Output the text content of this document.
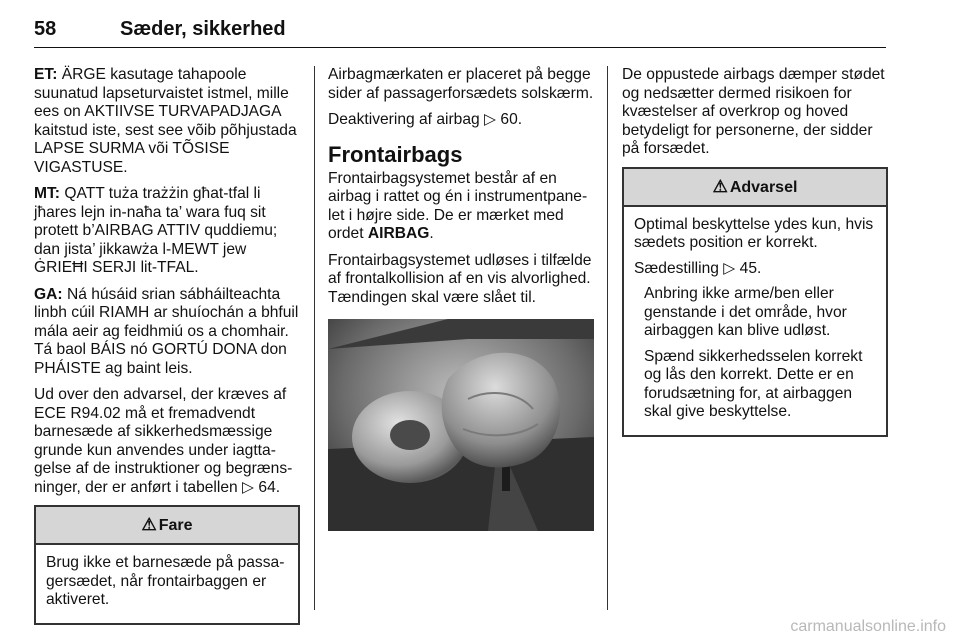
58	Sæder, sikkerhed

ET: ÄRGE kasutage tahapoole suunatud lapseturvaistet istmel, mille ees on AKTIIVSE TURVAPADJAGA kaitstud iste, sest see võib põhjustada LAPSE SURMA või TÕSISE VIGASTUSE.

MT: QATT tuża trażżin għat-tfal li jħares lejn in-naħa ta’ wara fuq sit protett b’AIRBAG ATTIV quddiemu; dan jista’ jikkawża l-MEWT jew ĠRIEĦI SERJI lit-TFAL.

GA: Ná húsáid srian sábháilteachta linbh cúil RIAMH ar shuíochán a bhfuil mála aeir ag feidhmiú os a chomhair. Tá baol BÁIS nó GORTÚ DONA don PHÁISTE ag baint leis.

Ud over den advarsel, der kræves af ECE R94.02 må et fremadvendt barnesæde af sikkerhedsmæssige grunde kun anvendes under iagttagelse af de instruktioner og begrænsninger, der er anført i tabellen ▷ 64.

⚠ Fare

Brug ikke et barnesæde på passagersædet, når frontairbaggen er aktiveret.

Airbagmærkaten er placeret på begge sider af passagerforsædets solskærm.

Deaktivering af airbag ▷ 60.

Frontairbags

Frontairbagsystemet består af en airbag i rattet og én i instrumentpanelet i højre side. De er mærket med ordet AIRBAG.

Frontairbagsystemet udløses i tilfælde af frontalkollision af en vis alvorlighed. Tændingen skal være slået til.

De oppustede airbags dæmper stødet og nedsætter dermed risikoen for kvæstelser af overkrop og hoved betydeligt for personerne, der sidder på forsædet.

⚠ Advarsel

Optimal beskyttelse ydes kun, hvis sædets position er korrekt.

Sædestilling ▷ 45.

Anbring ikke arme/ben eller genstande i det område, hvor airbaggen kan blive udløst.

Spænd sikkerhedsselen korrekt og lås den korrekt. Dette er en forudsætning for, at airbaggen skal give beskyttelse.

carmanualsonline.info
